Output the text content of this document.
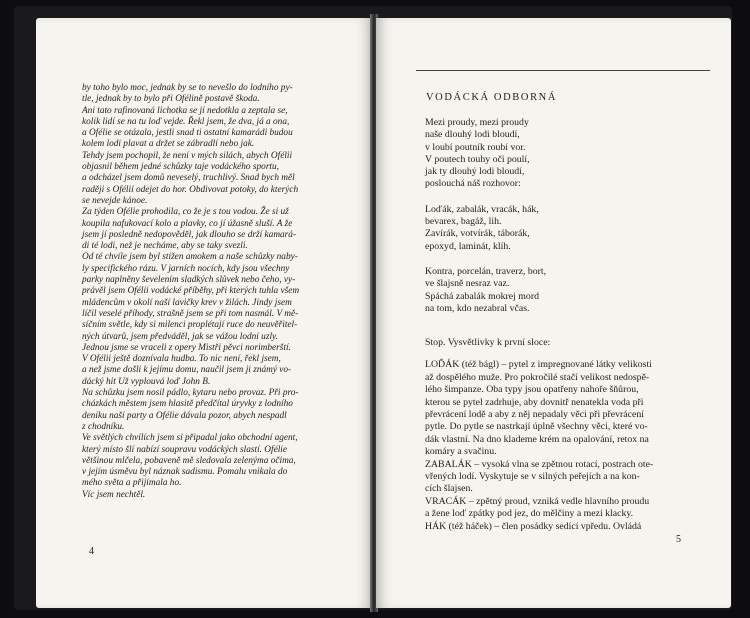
by toho bylo moc, jednak by se to nevešlo do lodního py-

tle, jednak by to bylo při Ofélině postavě škoda.

Ani tato rafinovaná lichotka se jí nedotkla a zeptala se,

kolik lidí se na tu loď vejde. Řekl jsem, že dva, já a ona,

a Ofélie se otázala, jestli snad ti ostatní kamarádi budou

kolem lodi plavat a držet se zábradlí nebo jak.

Tehdy jsem pochopil, že není v mých silách, abych Ofélii

objasnil během jedné schůzky taje vodáckého sportu,

a odcházel jsem domů neveselý, truchlivý. Snad bych měl

raději s Ofélií odejet do hor. Obdivovat potoky, do kterých

se nevejde kánoe.

Za týden Ofélie prohodila, co že je s tou vodou. Že si už

koupila nafukovací kolo a plavky, co jí úžasně sluší. A že

jsem jí posledně nedopověděl, jak dlouho se drží kamará-

di té lodi, než je necháme, aby se taky svezli.

Od té chvíle jsem byl stižen amokem a naše schůzky naby-

ly specifického rázu. V jarních nocích, kdy jsou všechny

parky naplněny ševelením sladkých slůvek nebo čeho, vy-

právěl jsem Ofélii vodácké příběhy, při kterých tuhla všem

mládencům v okolí naší lavičky krev v žilách. Jindy jsem

líčil veselé příhody, strašně jsem se při tom nasmál. V mě-

síčním světle, kdy si milenci proplétají ruce do neuvěřitel-

ných útvarů, jsem předváděl, jak se vážou lodní uzly.

Jednou jsme se vraceli z opery Mistři pěvci norimberští.

V Ofélii ještě doznívala hudba. To nic není, řekl jsem,

a než jsme došli k jejímu domu, naučil jsem ji známý vo-

dácký hit Už vyplouvá loď John B.

Na schůzku jsem nosil pádlo, kytaru nebo provaz. Při pro-

cházkách městem jsem hlasitě předčítal úryvky z lodního

deníku naší party a Ofélie dávala pozor, abych nespadl

z chodníku.

Ve světlých chvílích jsem si připadal jako obchodní agent,

který místo šlí nabízí soupravu vodáckých slastí. Ofélie

většinou mlčela, pobaveně mě sledovala zelenýma očima,

v jejím úsměvu byl náznak sadismu. Pomalu vnikala do

mého světa a přijímala ho.

Víc jsem nechtěl.

4
VODÁCKÁ ODBORNÁ
Mezi proudy, mezi proudy
naše dlouhý lodi bloudí,
v loubí poutník roubí vor.
V poutech touhy oči poulí,
jak ty dlouhý lodi bloudí,
poslouchá náš rozhovor:
Loďák, zabalák, vracák, hák,
bevarex, bagáž, lih.
Zavírák, votvírák, táborák,
epoxyd, laminát, klíh.
Kontra, porcelán, traverz, bort,
ve šlajsně nesraz vaz.
Spáchá zabalák mokrej mord
na tom, kdo nezabral včas.

Stop. Vysvětlivky k první sloce:

LOĎÁK (též bágl) – pytel z impregnované látky velikosti

až dospělého muže. Pro pokročilé stačí velikost nedospě-

lého šimpanze. Oba typy jsou opatřeny nahoře šňůrou,

kterou se pytel zadrhuje, aby dovnitř nenatekla voda při

převrácení lodě a aby z něj nepadaly věci při převrácení

pytle. Do pytle se nastrkají úplně všechny věci, které vo-

dák vlastní. Na dno klademe krém na opalování, retox na

komáry a svačinu.

ZABALÁK – vysoká vlna se zpětnou rotací, postrach ote-

vřených lodí. Vyskytuje se v silných peřejích a na kon-

cích šlajsen.

VRACÁK – zpětný proud, vzniká vedle hlavního proudu

a žene loď zpátky pod jez, do mělčiny a mezi klacky.

HÁK (též háček) – člen posádky sedící vpředu. Ovládá

5
